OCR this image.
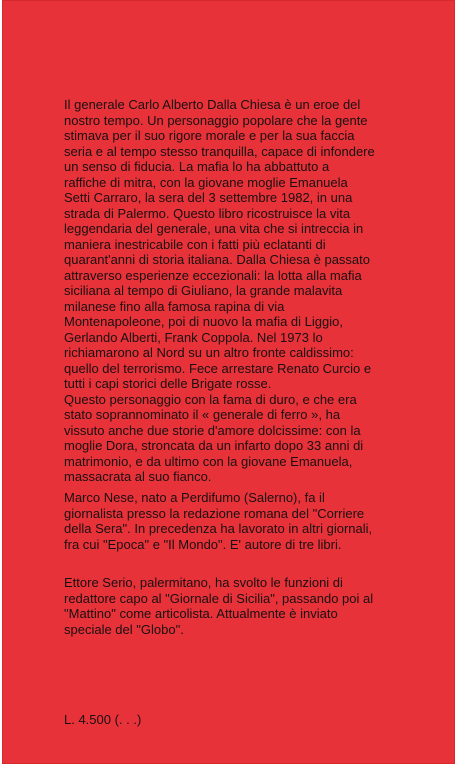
Il generale Carlo Alberto Dalla Chiesa è un eroe del
nostro tempo. Un personaggio popolare che la gente
stimava per il suo rigore morale e per la sua faccia
seria e al tempo stesso tranquilla, capace di infondere
un senso di fiducia. La mafia lo ha abbattuto a
raffiche di mitra, con la giovane moglie Emanuela
Setti Carraro, la sera del 3 settembre 1982, in una
strada di Palermo. Questo libro ricostruisce la vita
leggendaria del generale, una vita che si intreccia in
maniera inestricabile con i fatti più eclatanti di
quarant'anni di storia italiana. Dalla Chiesa è passato
attraverso esperienze eccezionali: la lotta alla mafia
siciliana al tempo di Giuliano, la grande malavita
milanese fino alla famosa rapina di via
Montenapoleone, poi di nuovo la mafia di Liggio,
Gerlando Alberti, Frank Coppola. Nel 1973 lo
richiamarono al Nord su un altro fronte caldissimo:
quello del terrorismo. Fece arrestare Renato Curcio e
tutti i capi storici delle Brigate rosse.
Questo personaggio con la fama di duro, e che era
stato soprannominato il « generale di ferro », ha
vissuto anche due storie d'amore dolcissime: con la
moglie Dora, stroncata da un infarto dopo 33 anni di
matrimonio, e da ultimo con la giovane Emanuela,
massacrata al suo fianco.
Marco Nese, nato a Perdifumo (Salerno), fa il
giornalista presso la redazione romana del "Corriere
della Sera". In precedenza ha lavorato in altri giornali,
fra cui "Epoca" e "Il Mondo". E' autore di tre libri.
Ettore Serio, palermitano, ha svolto le funzioni di
redattore capo al "Giornale di Sicilia", passando poi al
"Mattino" come articolista. Attualmente è inviato
speciale del "Globo".
L. 4.500 (. . .)
